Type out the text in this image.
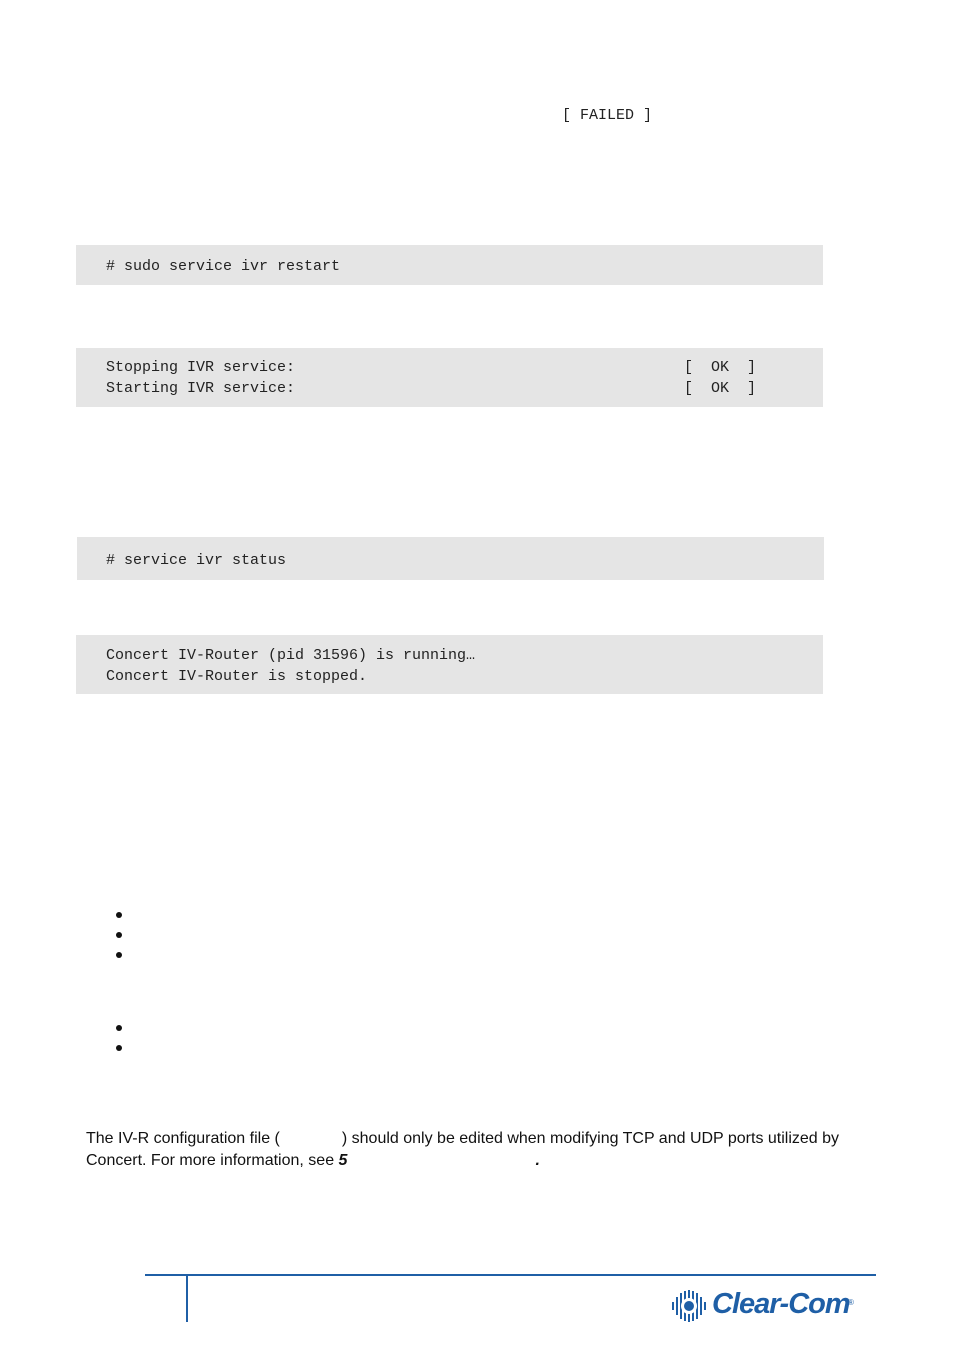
[ FAILED ]
# sudo service ivr restart
Stopping IVR service:	[  OK  ]
Starting IVR service:	[  OK  ]
# service ivr status
Concert IV-Router (pid 31596) is running…
Concert IV-Router is stopped.
The IV-R configuration file (	) should only be edited when modifying TCP and UDP ports utilized by Concert. For more information, see 5	.
Clear-Com
®
